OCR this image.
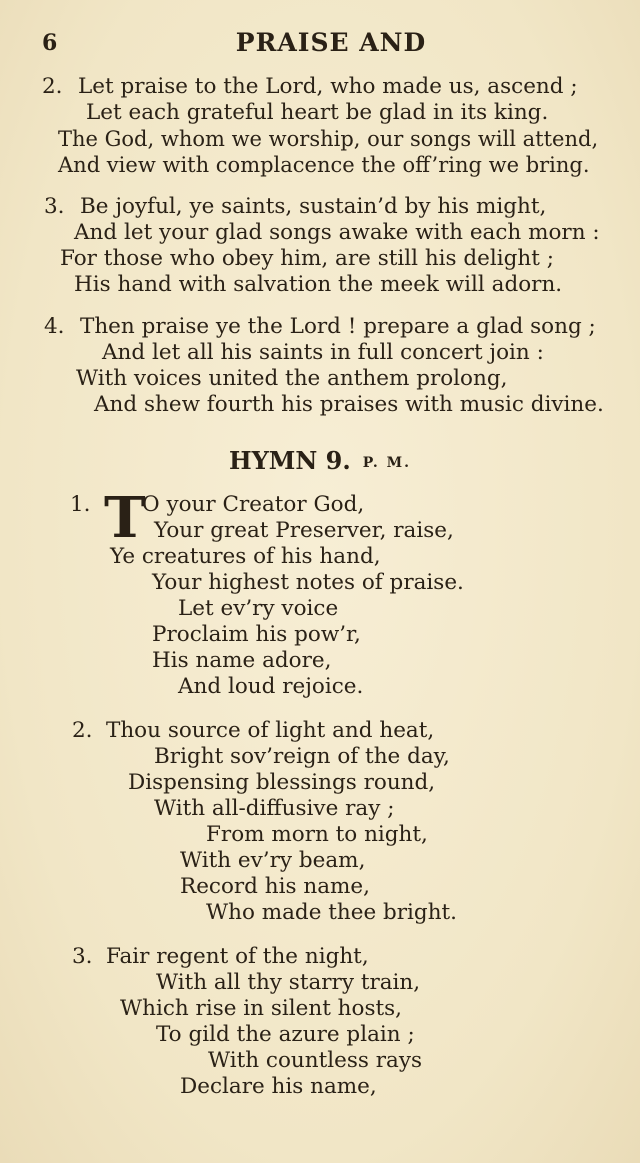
6	PRAISE AND
2. Let praise to the Lord, who made us, ascend ;
Let each grateful heart be glad in its king.
The God, whom we worship, our songs will attend,
And view with complacence the off’ring we bring.
3. Be joyful, ye saints, sustain’d by his might,
And let your glad songs awake with each morn :
For those who obey him, are still his delight ;
His hand with salvation the meek will adorn.
4. Then praise ye the Lord ! prepare a glad song ;
And let all his saints in full concert join :
With voices united the anthem prolong,
And shew fourth his praises with music divine.
HYMN 9. P. M.
1. T
O your Creator God,
Your great Preserver, raise,
Ye creatures of his hand,
Your highest notes of praise.
Let ev’ry voice
Proclaim his pow’r,
His name adore,
And loud rejoice.
2. Thou source of light and heat,
Bright sov’reign of the day,
Dispensing blessings round,
With all-diffusive ray ;
From morn to night,
With ev’ry beam,
Record his name,
Who made thee bright.
3. Fair regent of the night,
With all thy starry train,
Which rise in silent hosts,
To gild the azure plain ;
With countless rays
Declare his name,
